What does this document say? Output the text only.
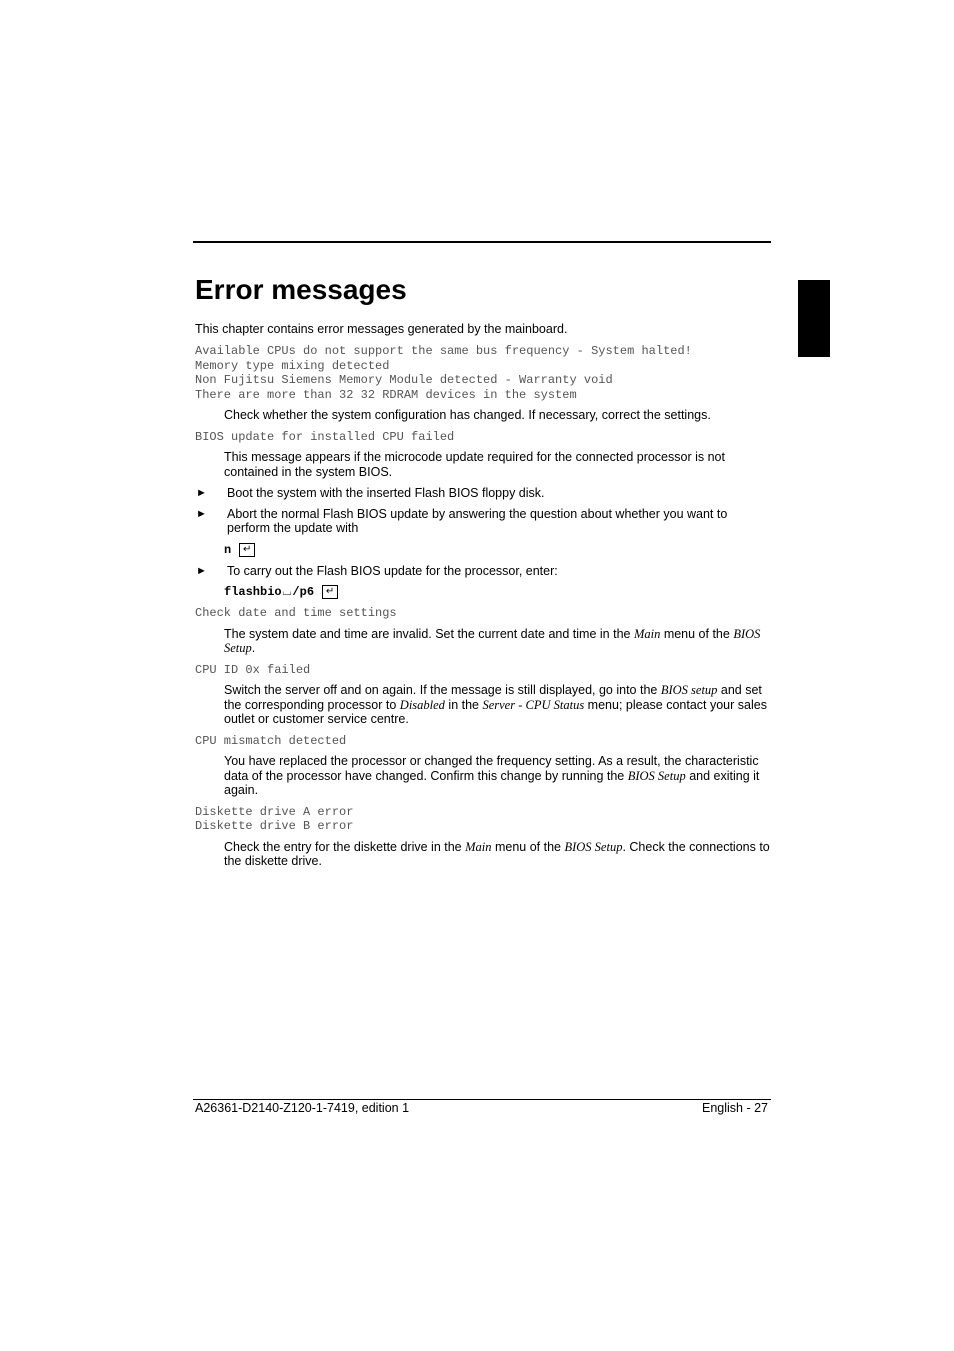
Error messages

This chapter contains error messages generated by the mainboard.

Available CPUs do not support the same bus frequency - System halted!
Memory type mixing detected
Non Fujitsu Siemens Memory Module detected - Warranty void
There are more than 32 32 RDRAM devices in the system

Check whether the system configuration has changed. If necessary, correct the settings.

BIOS update for installed CPU failed

This message appears if the microcode update required for the connected processor is not contained in the system BIOS.

► Boot the system with the inserted Flash BIOS floppy disk.
► Abort the normal Flash BIOS update by answering the question about whether you want to perform the update with
n	↵
► To carry out the Flash BIOS update for the processor, enter:
flashbio ⌴ /p6	↵
Check date and time settings

The system date and time are invalid. Set the current date and time in the Main menu of the BIOS Setup.

CPU ID 0x failed

Switch the server off and on again. If the message is still displayed, go into the BIOS setup and set the corresponding processor to Disabled in the Server - CPU Status menu; please contact your sales outlet or customer service centre.

CPU mismatch detected

You have replaced the processor or changed the frequency setting. As a result, the characteristic data of the processor have changed. Confirm this change by running the BIOS Setup and exiting it again.

Diskette drive A error
Diskette drive B error

Check the entry for the diskette drive in the Main menu of the BIOS Setup. Check the connections to the diskette drive.

A26361-D2140-Z120-1-7419, edition 1	English - 27
